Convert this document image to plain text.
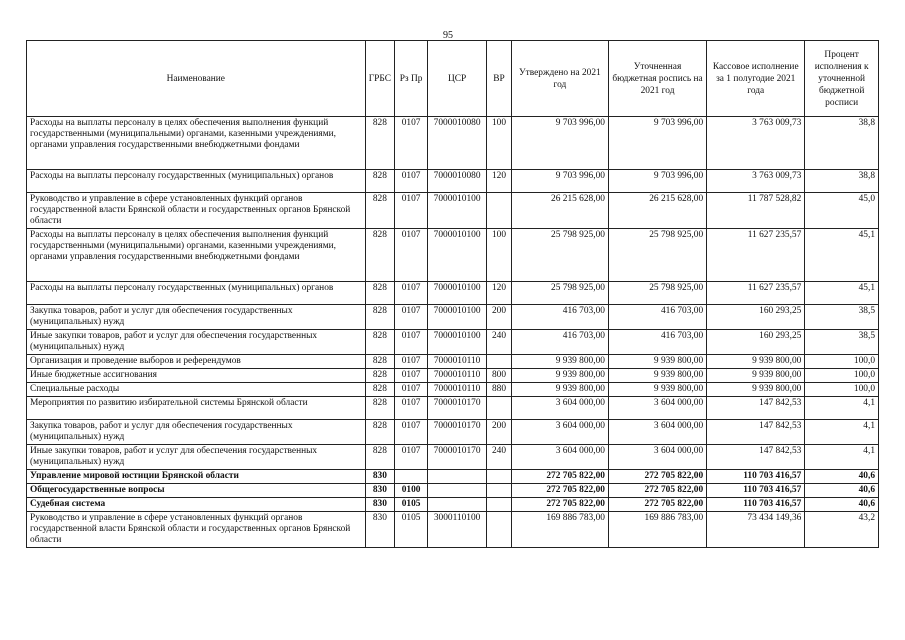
95
Наименование	ГРБС	Рз Пр	ЦСР	ВР	Утверждено на 2021 год	Уточненная бюджетная роспись на 2021 год	Кассовое исполнение за 1 полугодие 2021 года	Процент исполнения к уточненной бюджетной росписи
Расходы на выплаты персоналу в целях обеспечения выполнения функций государственными (муниципальными) органами, казенными учреждениями, органами управления государственными внебюджетными фондами	828	0107	7000010080	100	9 703 996,00	9 703 996,00	3 763 009,73	38,8
Расходы на выплаты персоналу государственных (муниципальных) органов	828	0107	7000010080	120	9 703 996,00	9 703 996,00	3 763 009,73	38,8
Руководство и управление в сфере установленных функций органов государственной власти Брянской области и государственных органов Брянской области	828	0107	7000010100		26 215 628,00	26 215 628,00	11 787 528,82	45,0
Расходы на выплаты персоналу в целях обеспечения выполнения функций государственными (муниципальными) органами, казенными учреждениями, органами управления государственными внебюджетными фондами	828	0107	7000010100	100	25 798 925,00	25 798 925,00	11 627 235,57	45,1
Расходы на выплаты персоналу государственных (муниципальных) органов	828	0107	7000010100	120	25 798 925,00	25 798 925,00	11 627 235,57	45,1
Закупка товаров, работ и услуг для обеспечения государственных (муниципальных) нужд	828	0107	7000010100	200	416 703,00	416 703,00	160 293,25	38,5
Иные закупки товаров, работ и услуг для обеспечения государственных (муниципальных) нужд	828	0107	7000010100	240	416 703,00	416 703,00	160 293,25	38,5
Организация и проведение выборов и референдумов	828	0107	7000010110		9 939 800,00	9 939 800,00	9 939 800,00	100,0
Иные бюджетные ассигнования	828	0107	7000010110	800	9 939 800,00	9 939 800,00	9 939 800,00	100,0
Специальные расходы	828	0107	7000010110	880	9 939 800,00	9 939 800,00	9 939 800,00	100,0
Мероприятия по развитию избирательной системы Брянской области	828	0107	7000010170		3 604 000,00	3 604 000,00	147 842,53	4,1
Закупка товаров, работ и услуг для обеспечения государственных (муниципальных) нужд	828	0107	7000010170	200	3 604 000,00	3 604 000,00	147 842,53	4,1
Иные закупки товаров, работ и услуг для обеспечения государственных (муниципальных) нужд	828	0107	7000010170	240	3 604 000,00	3 604 000,00	147 842,53	4,1
Управление мировой юстиции Брянской области	830				272 705 822,00	272 705 822,00	110 703 416,57	40,6
Общегосударственные вопросы	830	0100			272 705 822,00	272 705 822,00	110 703 416,57	40,6
Судебная система	830	0105			272 705 822,00	272 705 822,00	110 703 416,57	40,6
Руководство и управление в сфере установленных функций органов государственной власти Брянской области и государственных органов Брянской области	830	0105	3000110100		169 886 783,00	169 886 783,00	73 434 149,36	43,2
